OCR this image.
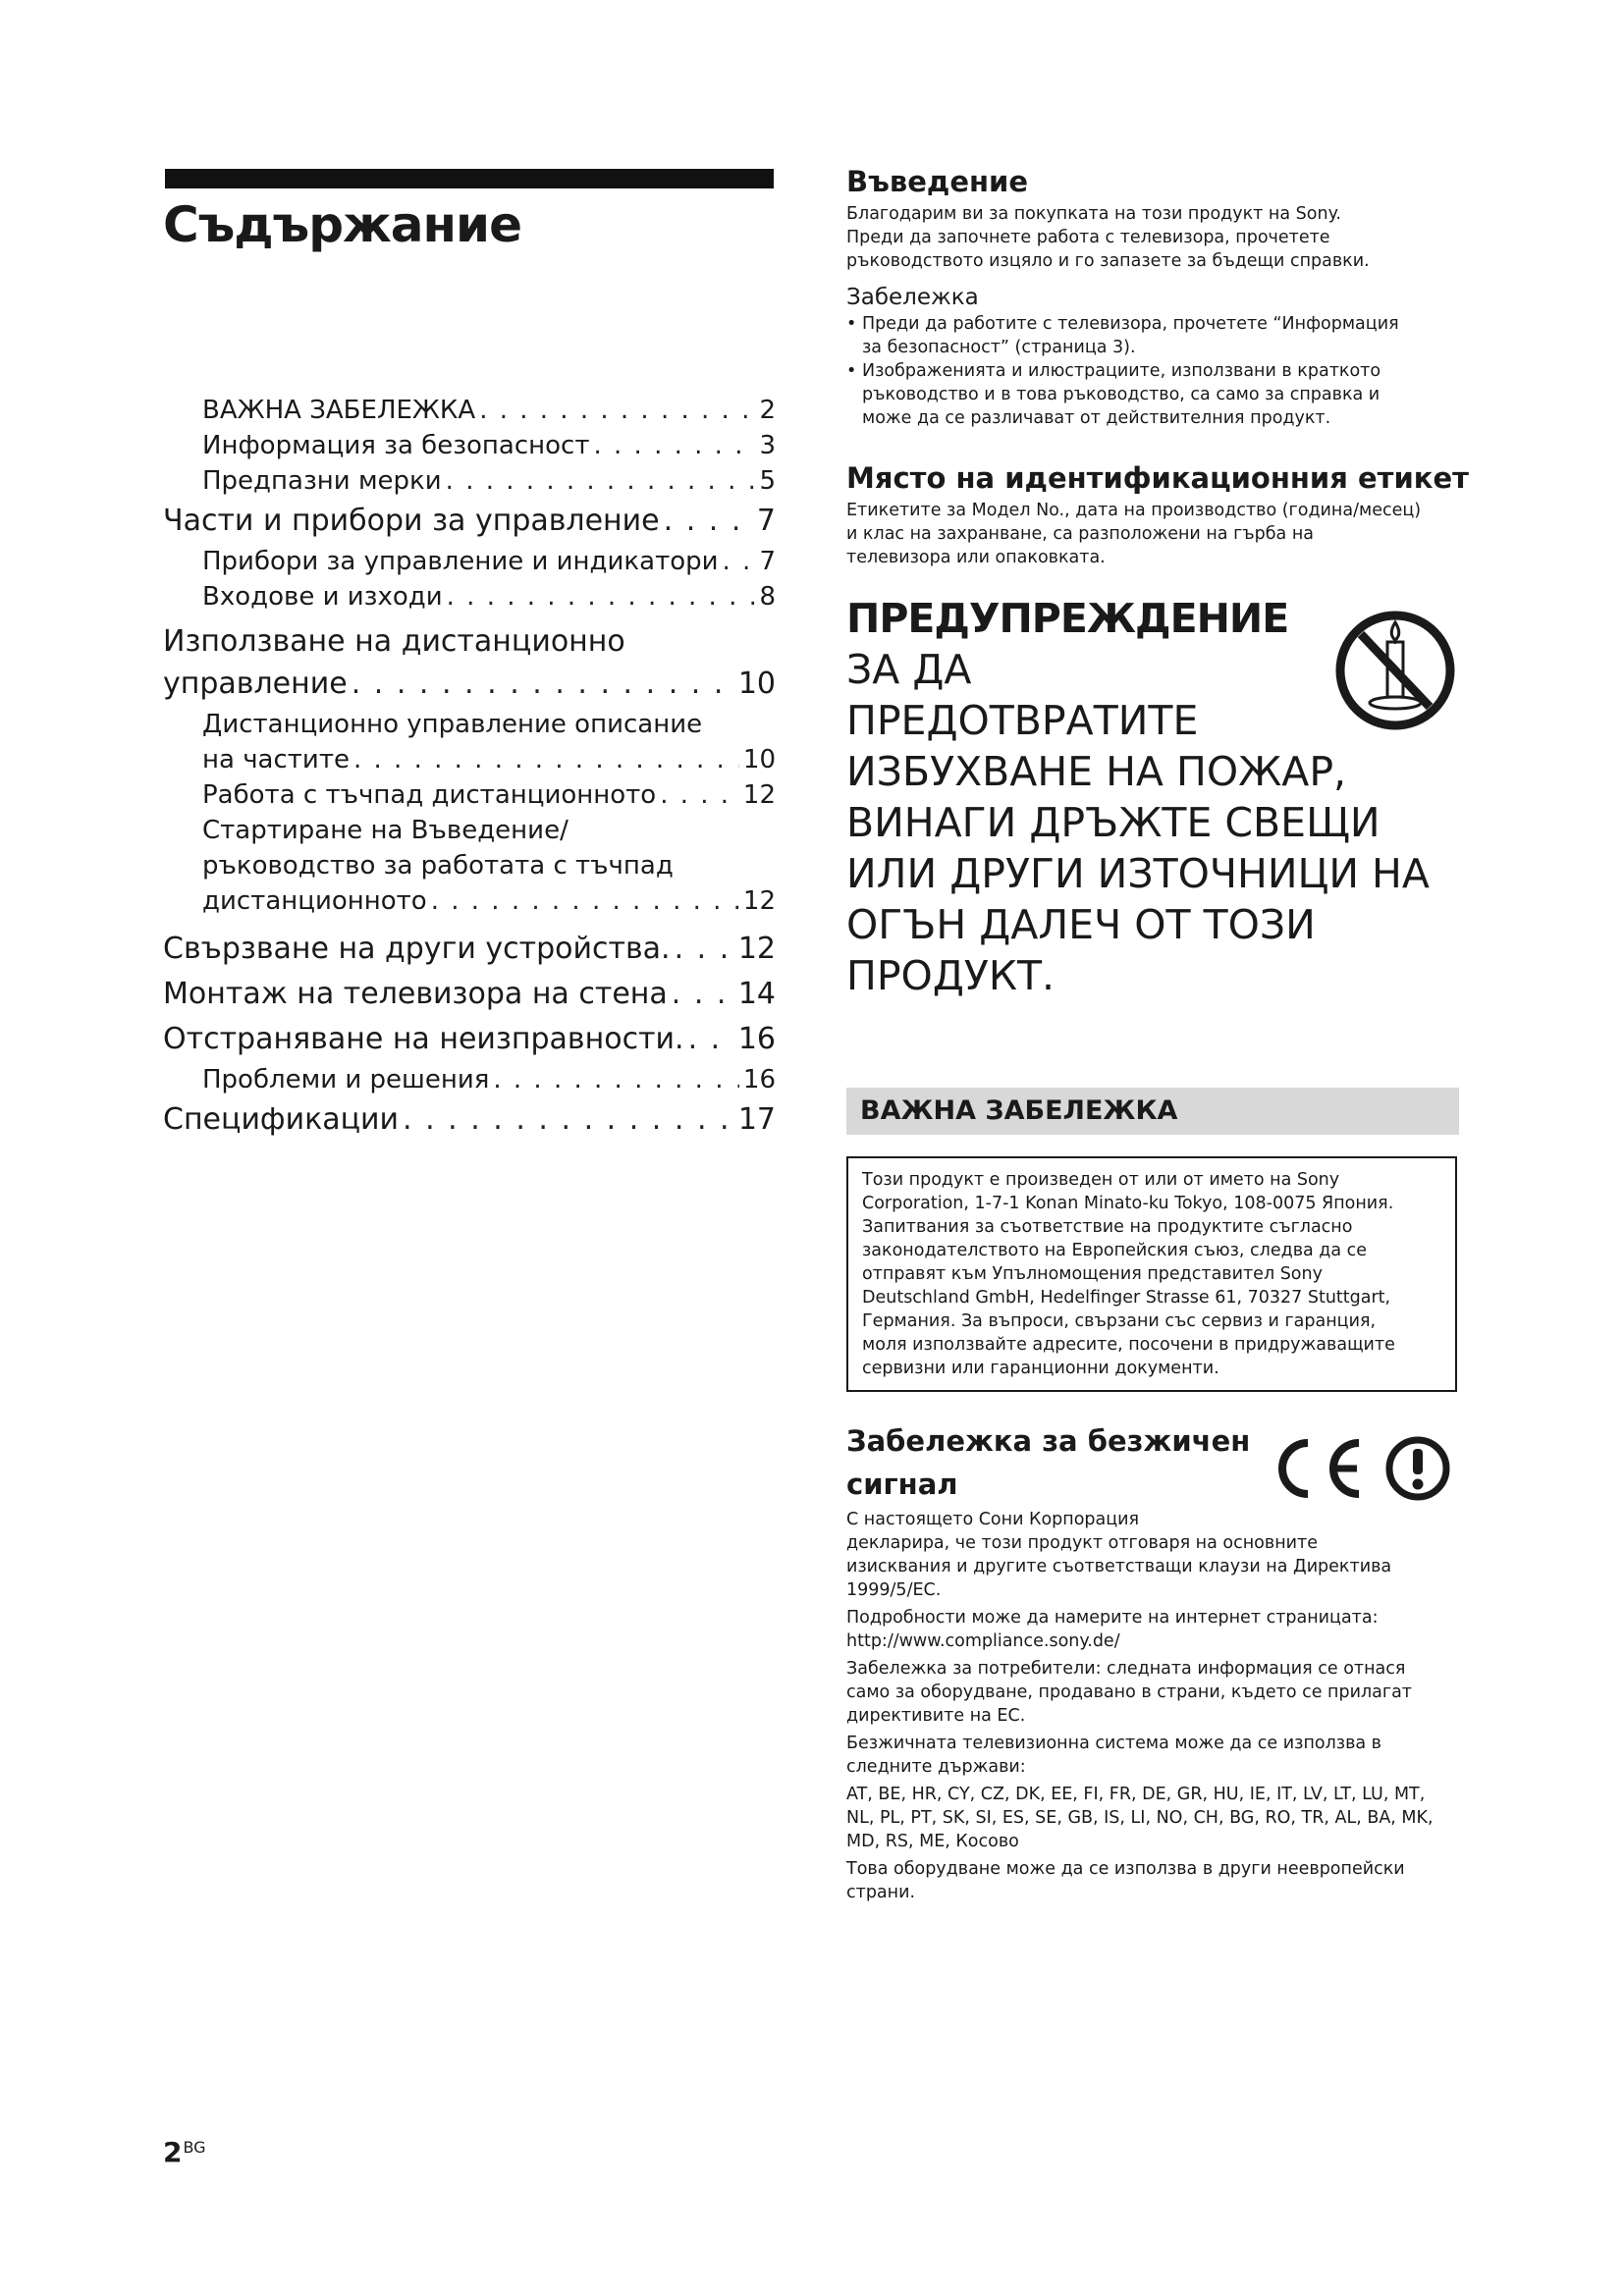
Съдържание
ВАЖНА ЗАБЕЛЕЖКА . . .	2
Информация за безопасност . . .	3
Предпазни мерки . . .	5
Части и прибори за управление . . .	7
Прибори за управление и индикатори . . . 7
Входове и изходи . . .	8
Използване на дистанционно
управление . . .	10
Дистанционно управление описание
на частите . . .	10
Работа с тъчпад дистанционното . . .	12
Стартиране на Въведение/
ръководство за работата с тъчпад
дистанционното . . .	12
Свързване на други устройства. . . . 12
Монтаж на телевизора на стена . . . 14
Отстраняване на неизправности. . . . 16
Проблеми и решения . . .	16
Спецификации . . .	17
Въведение

Благодарим ви за покупката на този продукт на Sony.

Преди да започнете работа с телевизора, прочетете

ръководството изцяло и го запазете за бъдещи справки.

Забележка

• Преди да работите с телевизора, прочетете “Информация

за безопасност” (страница 3).

• Изображенията и илюстрациите, използвани в краткото

ръководство и в това ръководство, са само за справка и

може да се различават от действителния продукт.

Място на идентификационния етикет

Етикетите за Модел No., дата на производство (година/месец)

и клас на захранване, са разположени на гърба на

телевизора или опаковката.

ПРЕДУПРЕЖДЕНИЕ
ЗА ДА
ПРЕДОТВРАТИТЕ
ИЗБУХВАНЕ НА ПОЖАР,
ВИНАГИ ДРЪЖТЕ СВЕЩИ
ИЛИ ДРУГИ ИЗТОЧНИЦИ НА
ОГЪН ДАЛЕЧ ОТ ТОЗИ
ПРОДУКТ.
ВАЖНА ЗАБЕЛЕЖКА
Този продукт е произведен от или от името на Sony
Corporation, 1-7-1 Konan Minato-ku Tokyo, 108-0075 Япония.
Запитвания за съответствие на продуктите съгласно
законодателството на Европейския съюз, следва да се
отправят към Упълномощения представител Sony
Deutschland GmbH, Hedelfinger Strasse 61, 70327 Stuttgart,
Германия. За въпроси, свързани със сервиз и гаранция,
моля използвайте адресите, посочени в придружаващите
сервизни или гаранционни документи.
Забележка за безжичен
сигнал

С настоящето Сони Корпорация

декларира, че този продукт отговаря на основните

изисквания и другите съответстващи клаузи на Директива

1999/5/EC.

Подробности може да намерите на интернет страницата:

http://www.compliance.sony.de/

Забележка за потребители: следната информация се отнася

само за оборудване, продавано в страни, където се прилагат

директивите на ЕС.

Безжичната телевизионна система може да се използва в

следните държави:

AT, BE, HR, CY, CZ, DK, EE, FI, FR, DE, GR, HU, IE, IT, LV, LT, LU, MT,

NL, PL, PT, SK, SI, ES, SE, GB, IS, LI, NO, CH, BG, RO, TR, AL, BA, MK,

MD, RS, ME, Косово

Това оборудване може да се използва в други неевропейски

страни.

$2^{BG}$
